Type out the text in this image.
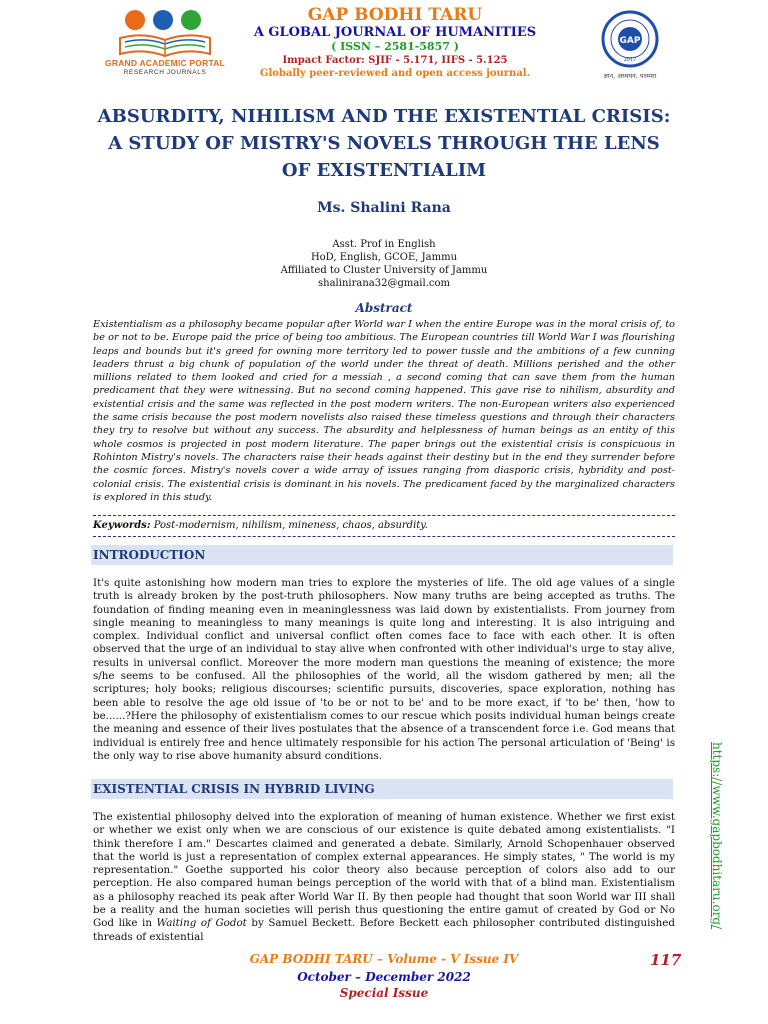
GRAND ACADEMIC PORTAL
RESEARCH JOURNALS
GAP BODHI TARU
A GLOBAL JOURNAL OF HUMANITIES
( ISSN – 2581-5857 )
Impact Factor: SJIF - 5.171, IIFS - 5.125
Globally peer-reviewed and open access journal.
GAP
2017
ज्ञान, अध्ययन, परम्परा
ABSURDITY, NIHILISM AND THE EXISTENTIAL CRISIS:
A STUDY OF MISTRY'S NOVELS THROUGH THE LENS
OF EXISTENTIALIM
Ms. Shalini Rana
Asst. Prof in English
HoD, English, GCOE, Jammu
Affiliated to Cluster University of Jammu
shalinirana32@gmail.com
Abstract
Existentialism as a philosophy became popular after World war I when the entire Europe was in the moral crisis of, to be or not to be. Europe paid the price of being too ambitious. The European countries till World War I was flourishing leaps and bounds but it's greed for owning more territory led to power tussle and the ambitions of a few cunning leaders thrust a big chunk of population of the world under the threat of death. Millions perished and the other millions related to them looked and cried for a messiah , a second coming that can save them from the human predicament that they were witnessing. But no second coming happened. This gave rise to nihilism, absurdity and existential crisis and the same was reflected in the post modern writers. The non-European writers also experienced the same crisis because the post modern novelists also raised these timeless questions and through their characters they try to resolve but without any success. The absurdity and helplessness of human beings as an entity of this whole cosmos is projected in post modern literature. The paper brings out the existential crisis is conspicuous in Rohinton Mistry's novels. The characters raise their heads against their destiny but in the end they surrender before the cosmic forces. Mistry's novels cover a wide array of issues ranging from diasporic crisis, hybridity and post-colonial crisis. The existential crisis is dominant in his novels. The predicament faced by the marginalized characters is explored in this study.
Keywords: Post-modernism, nihilism, mineness, chaos, absurdity.
INTRODUCTION
It's quite astonishing how modern man tries to explore the mysteries of life. The old age values of a single truth is already broken by the post-truth philosophers. Now many truths are being accepted as truths. The foundation of finding meaning even in meaninglessness was laid down by existentialists. From journey from single meaning to meaningless to many meanings is quite long and interesting. It is also intriguing and complex. Individual conflict and universal conflict often comes face to face with each other. It is often observed that the urge of an individual to stay alive when confronted with other individual's urge to stay alive, results in universal conflict. Moreover the more modern man questions the meaning of existence; the more s/he seems to be confused. All the philosophies of the world, all the wisdom gathered by men; all the scriptures; holy books; religious discourses; scientific pursuits, discoveries, space exploration, nothing has been able to resolve the age old issue of 'to be or not to be' and to be more exact, if 'to be' then, 'how to be......?Here the philosophy of existentialism comes to our rescue which posits individual human beings create the meaning and essence of their lives postulates that the absence of a transcendent force i.e. God means that individual is entirely free and hence ultimately responsible for his action The personal articulation of 'Being' is the only way to rise above humanity absurd conditions.
EXISTENTIAL CRISIS IN HYBRID LIVING
The existential philosophy delved into the exploration of meaning of human existence. Whether we first exist or whether we exist only when we are conscious of our existence is quite debated among existentialists. "I think therefore I am." Descartes claimed and generated a debate. Similarly, Arnold Schopenhauer observed that the world is just a representation of complex external appearances. He simply states, " The world is my representation." Goethe supported his color theory also because perception of colors also add to our perception. He also compared human beings perception of the world with that of a blind man. Existentialism as a philosophy reached its peak after World War II. By then people had thought that soon World war III shall be a reality and the human societies will perish thus questioning the entire gamut of created by God or No God like in Waiting of Godot by Samuel Beckett. Before Beckett each philosopher contributed distinguished threads of existential
https://www.gapbodhitaru.org/
GAP BODHI TARU – Volume - V Issue IV
October – December 2022
Special Issue
117
